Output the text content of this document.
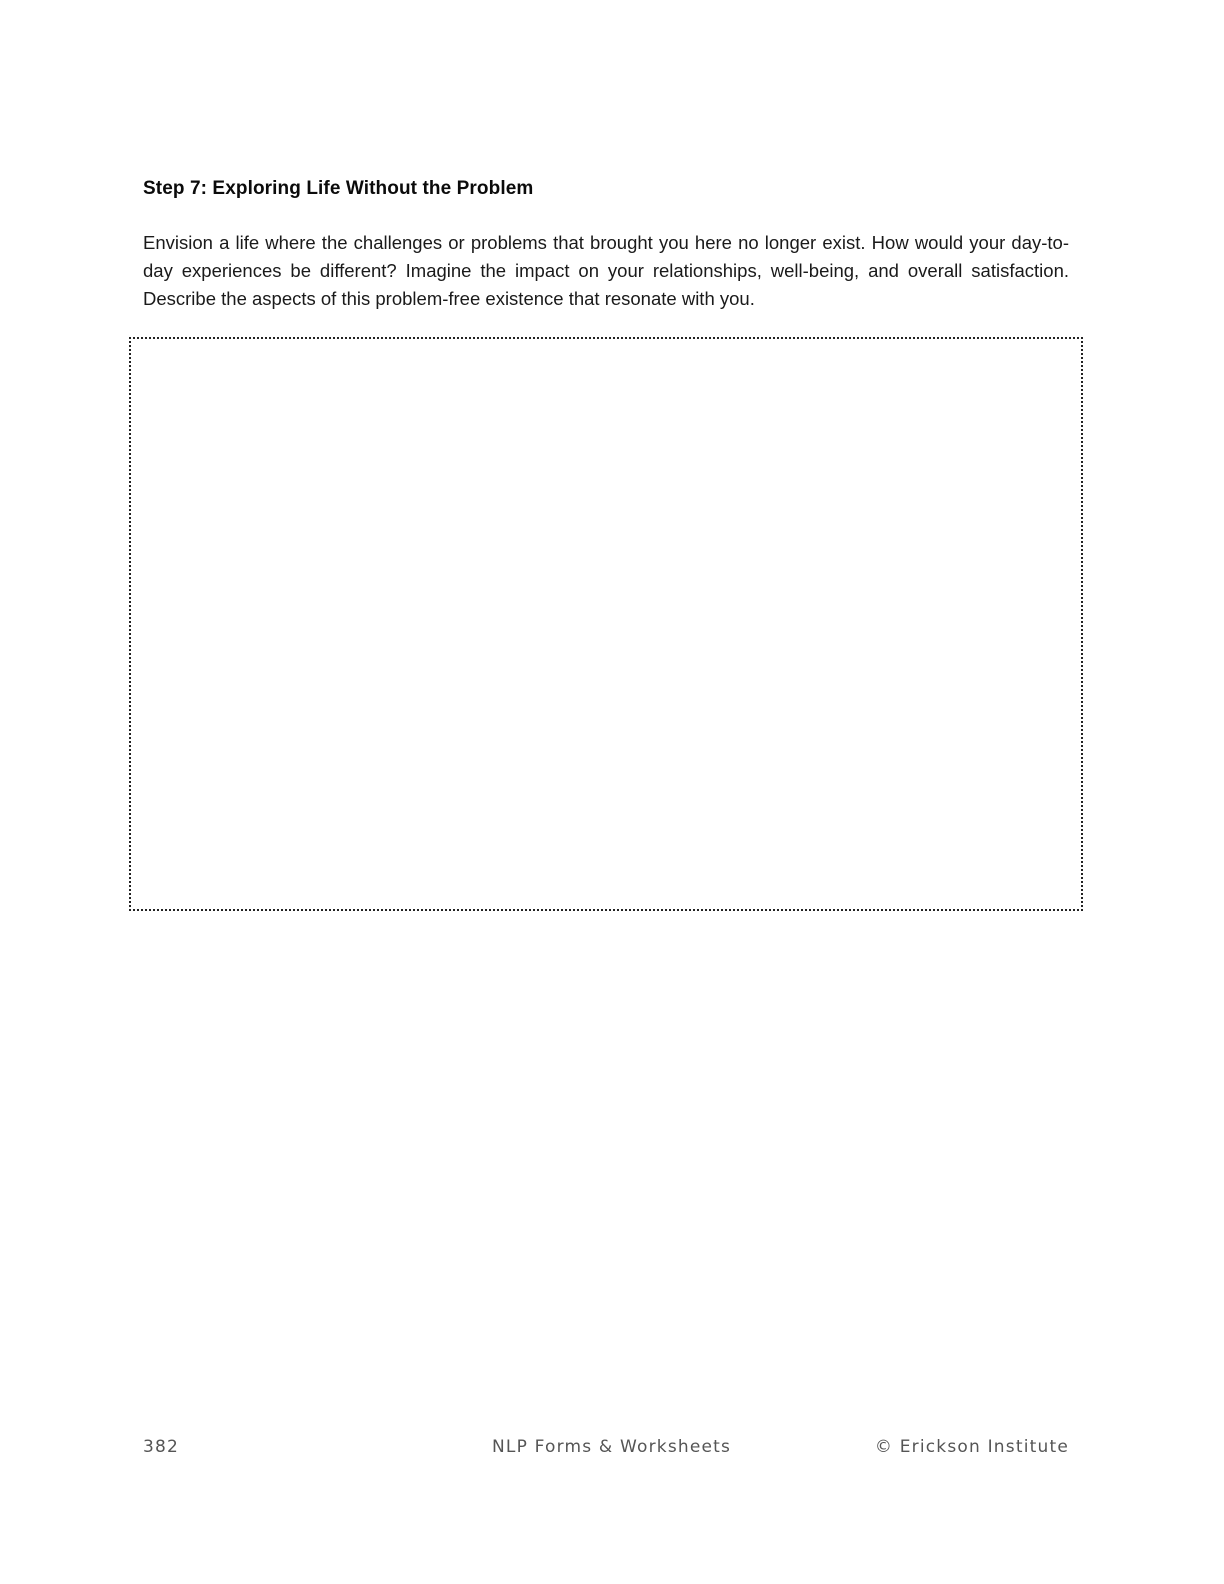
Step 7: Exploring Life Without the Problem

Envision a life where the challenges or problems that brought you here no longer exist. How would your day-to-day experiences be different? Imagine the impact on your relationships, well-being, and overall satisfaction. Describe the aspects of this problem-free existence that resonate with you.

382	NLP Forms & Worksheets	© Erickson Institute
